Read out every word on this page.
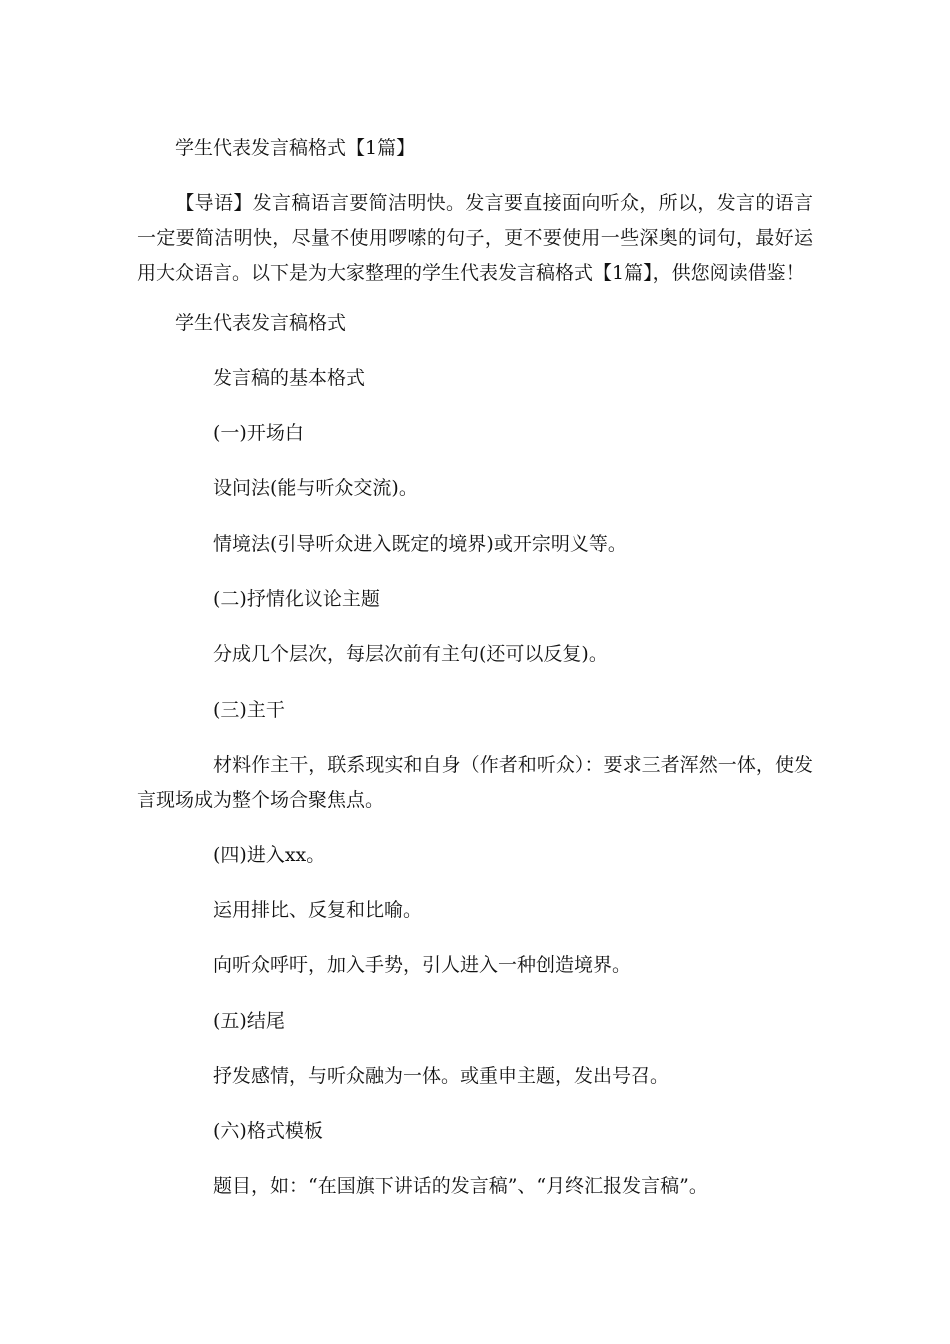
学生代表发言稿格式【1篇】
【导语】发言稿语言要简洁明快。发言要直接面向听众，所以，发言的语言一定要简洁明快，尽量不使用啰嗦的句子，更不要使用一些深奥的词句，最好运用大众语言。以下是为大家整理的学生代表发言稿格式【1篇】，供您阅读借鉴！
学生代表发言稿格式
发言稿的基本格式
(一)开场白
设问法(能与听众交流)。
情境法(引导听众进入既定的境界)或开宗明义等。
(二)抒情化议论主题
分成几个层次，每层次前有主句(还可以反复)。
(三)主干
材料作主干，联系现实和自身（作者和听众）：要求三者浑然一体，使发言现场成为整个场合聚焦点。
(四)进入xx。
运用排比、反复和比喻。
向听众呼吁，加入手势，引人进入一种创造境界。
(五)结尾
抒发感情，与听众融为一体。或重申主题，发出号召。
(六)格式模板
题目，如：“在国旗下讲话的发言稿”、“月终汇报发言稿”。
